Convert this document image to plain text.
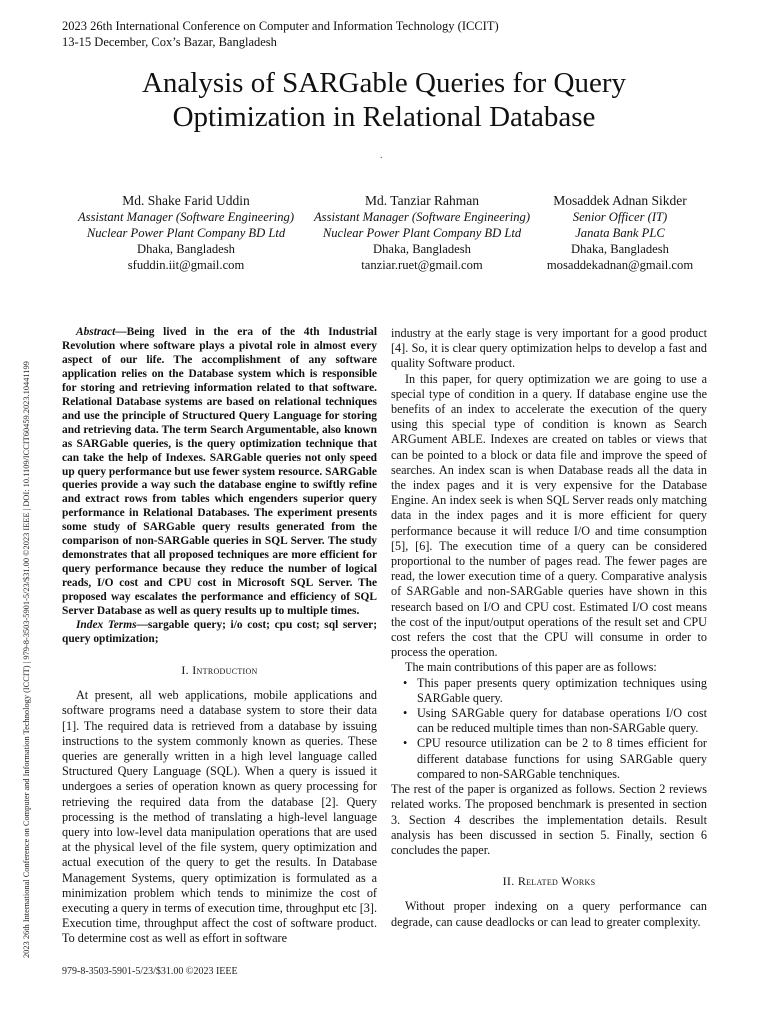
2023 26th International Conference on Computer and Information Technology (ICCIT)
13-15 December, Cox’s Bazar, Bangladesh
2023 26th International Conference on Computer and Information Technology (ICCIT) | 979-8-3503-5901-5/23/$31.00 ©2023 IEEE | DOI: 10.1109/ICCIT60459.2023.10441199
Analysis of SARGable Queries for Query
Optimization in Relational Database
.
Md. Shake Farid Uddin
Assistant Manager (Software Engineering)
Nuclear Power Plant Company BD Ltd
Dhaka, Bangladesh
sfuddin.iit@gmail.com
Md. Tanziar Rahman
Assistant Manager (Software Engineering)
Nuclear Power Plant Company BD Ltd
Dhaka, Bangladesh
tanziar.ruet@gmail.com
Mosaddek Adnan Sikder
Senior Officer (IT)
Janata Bank PLC
Dhaka, Bangladesh
mosaddekadnan@gmail.com

Abstract—Being lived in the era of the 4th Industrial Revolution where software plays a pivotal role in almost every aspect of our life. The accomplishment of any software application relies on the Database system which is responsible for storing and retrieving information related to that software. Relational Database systems are based on relational techniques and use the principle of Structured Query Language for storing and retrieving data. The term Search Argumentable, also known as SARGable queries, is the query optimization technique that can take the help of Indexes. SARGable queries not only speed up query performance but use fewer system resource. SARGable queries provide a way such the database engine to swiftly refine and extract rows from tables which engenders superior query performance in Relational Databases. The experiment presents some study of SARGable query results generated from the comparison of non-SARGable queries in SQL Server. The study demonstrates that all proposed techniques are more efficient for query performance because they reduce the number of logical reads, I/O cost and CPU cost in Microsoft SQL Server. The proposed way escalates the performance and efficiency of SQL Server Database as well as query results up to multiple times.

Index Terms—sargable query; i/o cost; cpu cost; sql server; query optimization;

I. Introduction

At present, all web applications, mobile applications and software programs need a database system to store their data [1]. The required data is retrieved from a database by issuing instructions to the system commonly known as queries. These queries are generally written in a high level language called Structured Query Language (SQL). When a query is issued it undergoes a series of operation known as query processing for retrieving the required data from the database [2]. Query processing is the method of translating a high-level language query into low-level data manipulation operations that are used at the physical level of the file system, query optimization and actual execution of the query to get the results. In Database Management Systems, query optimization is formulated as a minimization problem which tends to minimize the cost of executing a query in terms of execution time, throughput etc [3]. Execution time, throughput affect the cost of software product. To determine cost as well as effort in software

industry at the early stage is very important for a good product [4]. So, it is clear query optimization helps to develop a fast and quality Software product.

In this paper, for query optimization we are going to use a special type of condition in a query. If database engine use the benefits of an index to accelerate the execution of the query using this special type of condition is known as Search ARGument ABLE. Indexes are created on tables or views that can be pointed to a block or data file and improve the speed of searches. An index scan is when Database reads all the data in the index pages and it is very expensive for the Database Engine. An index seek is when SQL Server reads only matching data in the index pages and it is more efficient for query performance because it will reduce I/O and time consumption [5], [6]. The execution time of a query can be considered proportional to the number of pages read. The fewer pages are read, the lower execution time of a query. Comparative analysis of SARGable and non-SARGable queries have shown in this research based on I/O and CPU cost. Estimated I/O cost means the cost of the input/output operations of the result set and CPU cost refers the cost that the CPU will consume in order to process the operation.

The main contributions of this paper are as follows:

• This paper presents query optimization techniques using SARGable query.
• Using SARGable query for database operations I/O cost can be reduced multiple times than non-SARGable query.
• CPU resource utilization can be 2 to 8 times efficient for different database functions for using SARGable query compared to non-SARGable tenchniques.

The rest of the paper is organized as follows. Section 2 reviews related works. The proposed benchmark is presented in section 3. Section 4 describes the implementation details. Result analysis has been discussed in section 5. Finally, section 6 concludes the paper.

II. Related Works

Without proper indexing on a query performance can degrade, can cause deadlocks or can lead to greater complexity.

979-8-3503-5901-5/23/$31.00 ©2023 IEEE
